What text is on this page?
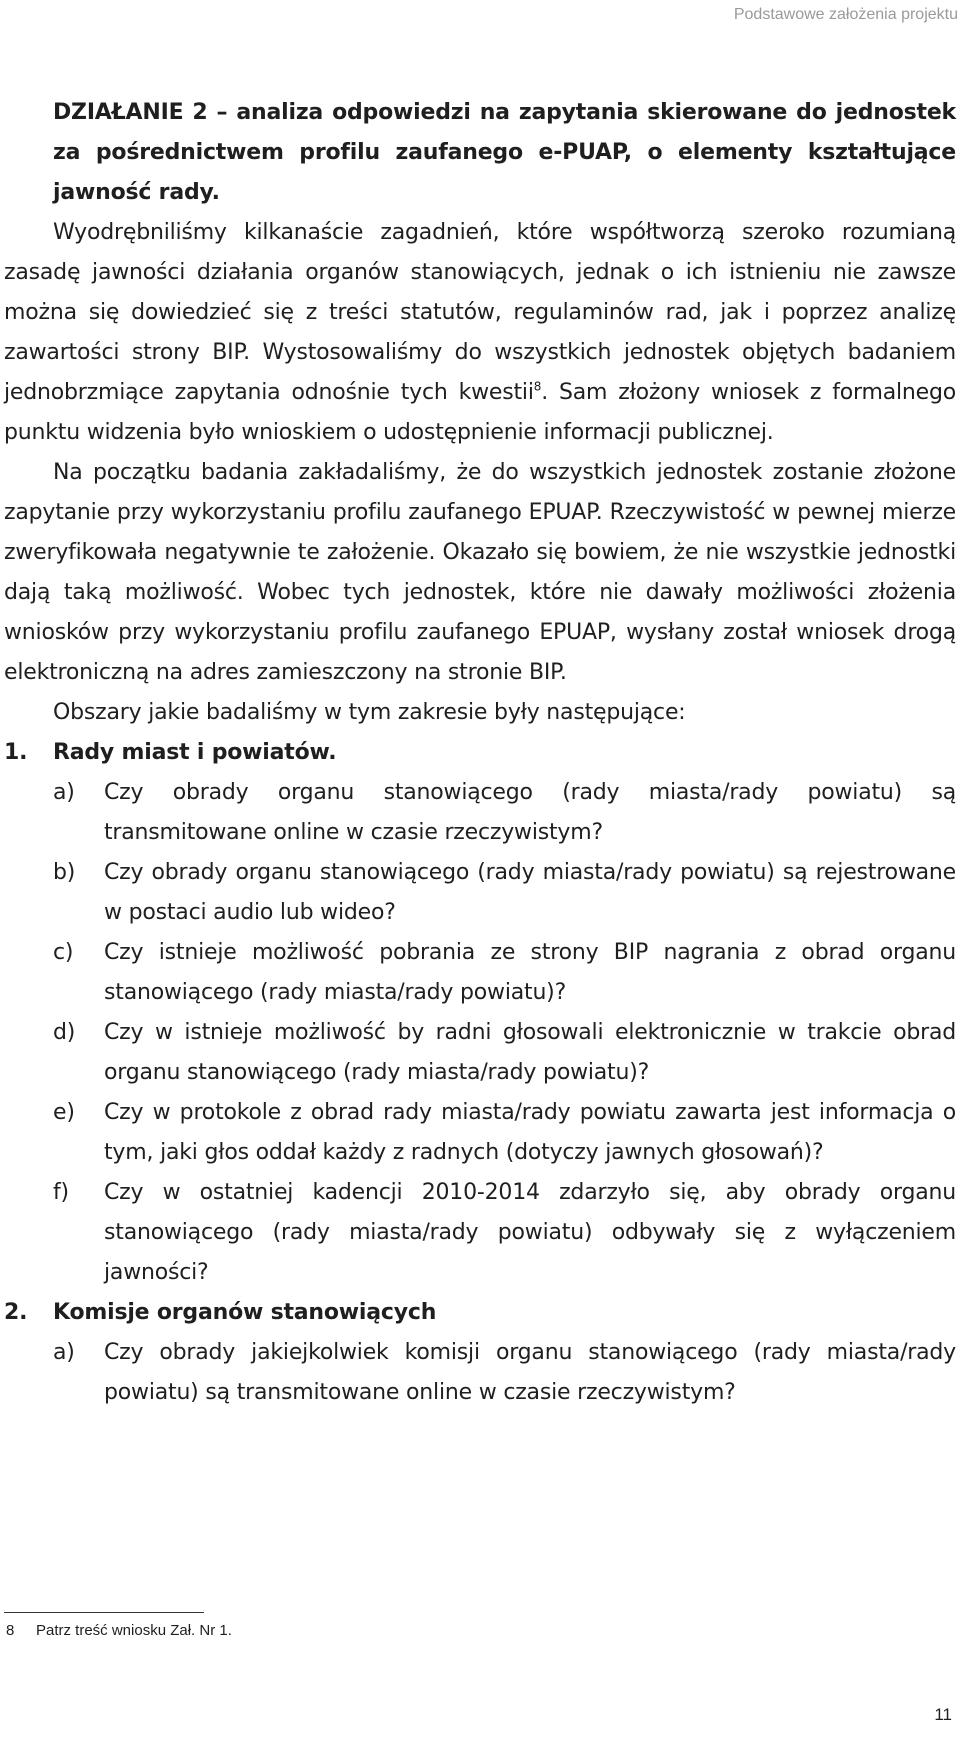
Podstawowe założenia projektu
DZIAŁANIE 2 – analiza odpowiedzi na zapytania skierowane do jednostek za pośrednictwem profilu zaufanego e-PUAP, o elementy kształtujące jawność rady.
Wyodrębniliśmy kilkanaście zagadnień, które współtworzą szeroko rozumianą zasadę jawności działania organów stanowiących, jednak o ich istnieniu nie zawsze można się dowiedzieć się z treści statutów, regulaminów rad, jak i poprzez analizę zawartości strony BIP. Wystosowaliśmy do wszystkich jednostek objętych badaniem jednobrzmiące zapytania odnośnie tych kwestii$^8$. Sam złożony wniosek z formalnego punktu widzenia było wnioskiem o udostępnienie informacji publicznej.
Na początku badania zakładaliśmy, że do wszystkich jednostek zostanie złożone zapytanie przy wykorzystaniu profilu zaufanego EPUAP. Rzeczywistość w pewnej mierze zweryfikowała negatywnie te założenie. Okazało się bowiem, że nie wszystkie jednostki dają taką możliwość. Wobec tych jednostek, które nie dawały możliwości złożenia wniosków przy wykorzystaniu profilu zaufanego EPUAP, wysłany został wniosek drogą elektroniczną na adres zamieszczony na stronie BIP.
Obszary jakie badaliśmy w tym zakresie były następujące:
1.	Rady miast i powiatów.
a)	Czy obrady organu stanowiącego (rady miasta/rady powiatu) są transmitowane online w czasie rzeczywistym?
b)	Czy obrady organu stanowiącego (rady miasta/rady powiatu) są rejestrowane w postaci audio lub wideo?
c)	Czy istnieje możliwość pobrania ze strony BIP nagrania z obrad organu stanowiącego (rady miasta/rady powiatu)?
d)	Czy w istnieje możliwość by radni głosowali elektronicznie w trakcie obrad organu stanowiącego (rady miasta/rady powiatu)?
e)	Czy w protokole z obrad rady miasta/rady powiatu zawarta jest informacja o tym, jaki głos oddał każdy z radnych (dotyczy jawnych głosowań)?
f)	Czy w ostatniej kadencji 2010-2014 zdarzyło się, aby obrady organu stanowiącego (rady miasta/rady powiatu) odbywały się z wyłączeniem jawności?
2.	Komisje organów stanowiących
a)	Czy obrady jakiejkolwiek komisji organu stanowiącego (rady miasta/rady powiatu) są transmitowane online w czasie rzeczywistym?
8 Patrz treść wniosku Zał. Nr 1.
11
